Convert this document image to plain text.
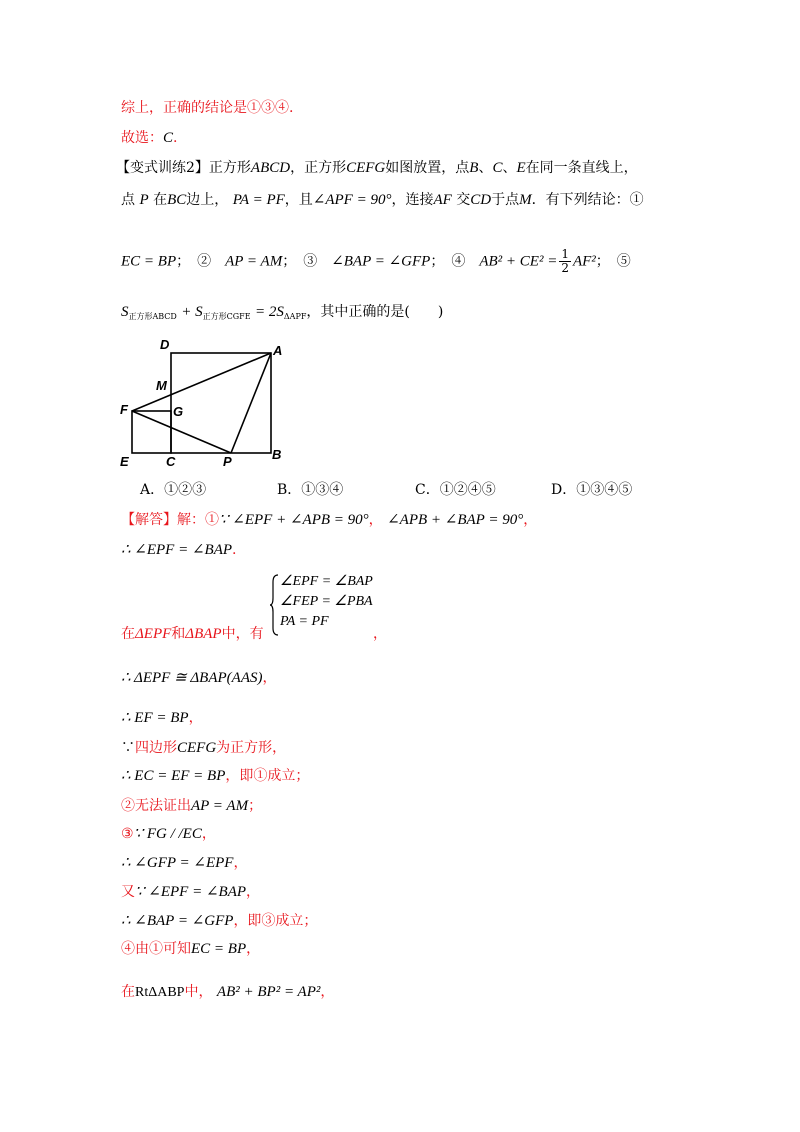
综上，正确的结论是①③④.
故选：C.
【变式训练2】正方形ABCD，正方形CEFG如图放置，点B、C、E在同一条直线上，
点 P 在BC边上， PA = PF，且∠APF = 90°，连接AF 交CD于点M．有下列结论：①
EC = BP；　②　 AP = AM；　③　 ∠BAP = ∠GFP；　④　 $AB^2 + CE^2 = \frac{1}{2} AF^2$；　⑤
$S_{正方形ABCD} + S_{正方形CGFE} = 2S_{\Delta APF}$，其中正确的是(　　)
D	A
M
F	G
E	C	P	B
A．①②③	B．①③④	C．①②④⑤	D．①③④⑤
【解答】解：①∵ ∠EPF + ∠APB = 90°， ∠APB + ∠BAP = 90°，
∴ ∠EPF = ∠BAP.
在ΔEPF和ΔBAP中，有
∠EPF = ∠BAP
∠FEP = ∠PBA
PA = PF
，
∴ ΔEPF ≅ ΔBAP(AAS)，
∴ EF = BP，
∵四边形CEFG为正方形，
∴ EC = EF = BP，即①成立；
②无法证出AP = AM；
③∵ FG / /EC，
∴ ∠GFP = ∠EPF，
又∵ ∠EPF = ∠BAP，
∴ ∠BAP = ∠GFP，即③成立；
④由①可知EC = BP，
在RtΔABP中， AB² + BP² = AP²，
